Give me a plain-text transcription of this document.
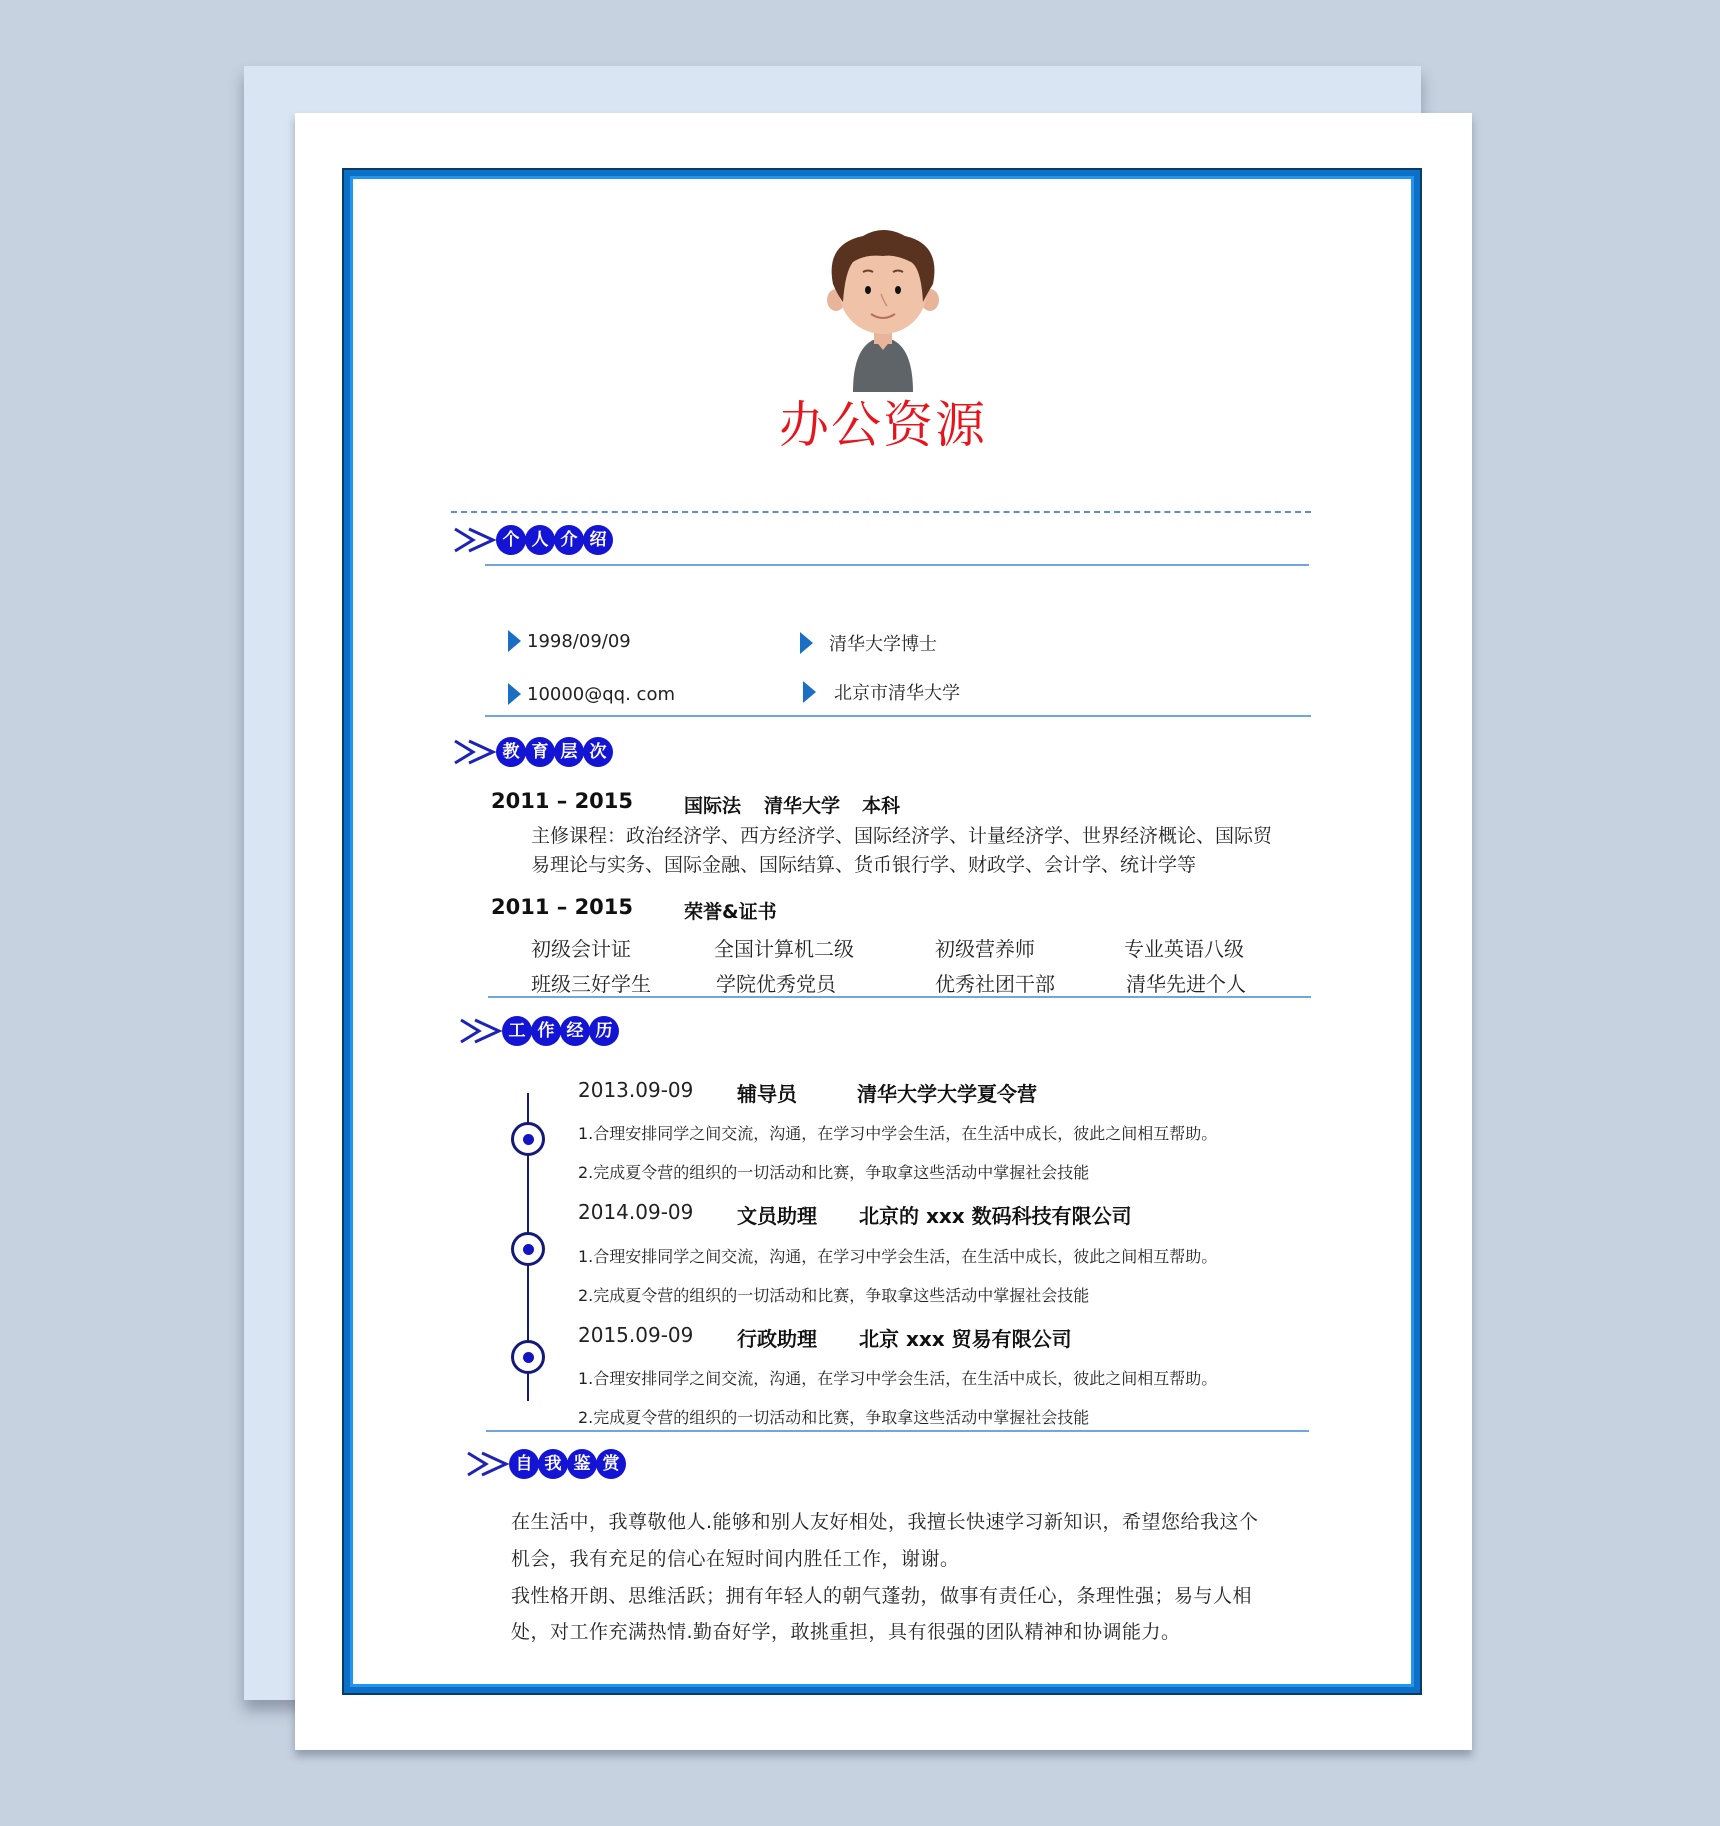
办公资源
个 人 介 绍
1998/09/09	清华大学博士
10000@qq. com	北京市清华大学
教 育 层 次
2011 – 2015	国际法 清华大学 本科
主修课程：政治经济学、西方经济学、国际经济学、计量经济学、世界经济概论、国际贸
易理论与实务、国际金融、国际结算、货币银行学、财政学、会计学、统计学等
2011 – 2015	荣誉&证书
初级会计证	全国计算机二级	初级营养师	专业英语八级
班级三好学生	学院优秀党员	优秀社团干部	清华先进个人
工 作 经 历
2013.09-09 辅导员	清华大学大学夏令营
1.合理安排同学之间交流，沟通，在学习中学会生活，在生活中成长，彼此之间相互帮助。
2.完成夏令营的组织的一切活动和比赛，争取拿这些活动中掌握社会技能
2014.09-09 文员助理 北京的 xxx 数码科技有限公司
1.合理安排同学之间交流，沟通，在学习中学会生活，在生活中成长，彼此之间相互帮助。
2.完成夏令营的组织的一切活动和比赛，争取拿这些活动中掌握社会技能
2015.09-09 行政助理 北京 xxx 贸易有限公司
1.合理安排同学之间交流，沟通，在学习中学会生活，在生活中成长，彼此之间相互帮助。
2.完成夏令营的组织的一切活动和比赛，争取拿这些活动中掌握社会技能
自 我 鉴 赏
在生活中，我尊敬他人.能够和别人友好相处，我擅长快速学习新知识，希望您给我这个
机会，我有充足的信心在短时间内胜任工作，谢谢。
我性格开朗、思维活跃；拥有年轻人的朝气蓬勃，做事有责任心，条理性强；易与人相
处，对工作充满热情.勤奋好学，敢挑重担，具有很强的团队精神和协调能力。
